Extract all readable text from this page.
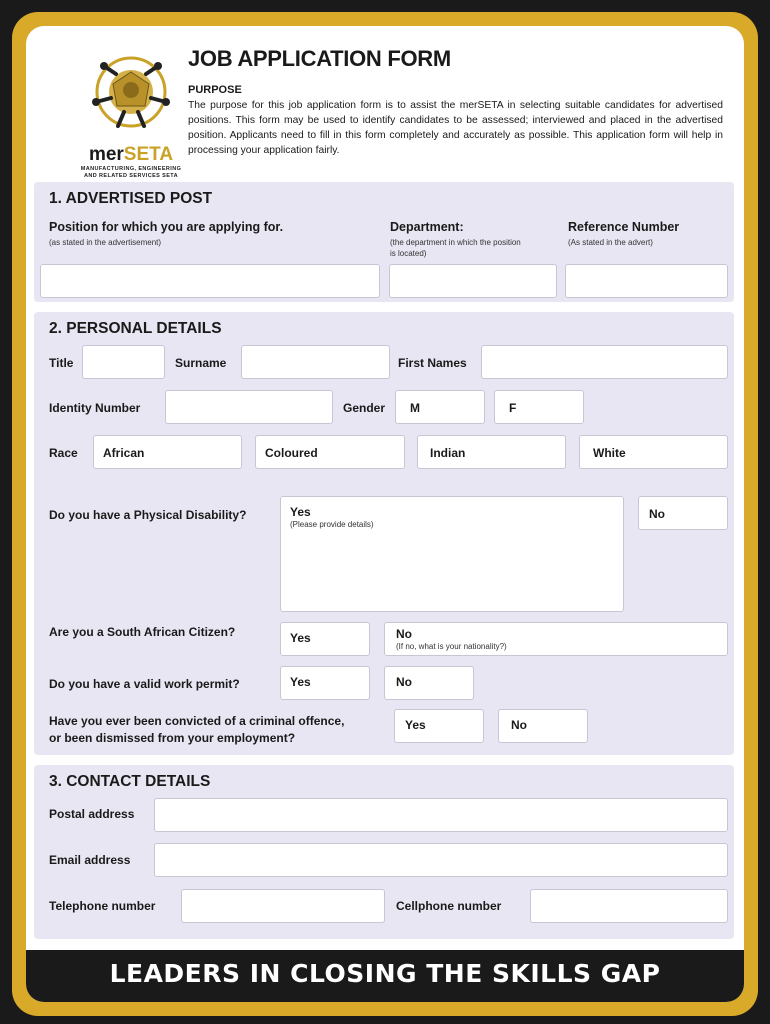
merSETA
MANUFACTURING, ENGINEERING
AND RELATED SERVICES SETA
JOB APPLICATION FORM
PURPOSE
The purpose for this job application form is to assist the merSETA in selecting suitable candidates for advertised positions. This form may be used to identify candidates to be assessed; interviewed and placed in the advertised position. Applicants need to fill in this form completely and accurately as possible. This application form will help in processing your application fairly.
1. ADVERTISED POST
Position for which you are applying for.
(as stated in the advertisement)
Department:
(the department in which the position
is located)
Reference Number
(As stated in the advert)
2. PERSONAL DETAILS
Title	Surname	First Names
Identity Number	Gender M	F
Race African	Coloured	Indian	White
Do you have a Physical Disability?	Yes
(Please provide details)
No
Are you a South African Citizen?	Yes	No
(If no, what is your nationality?)
Do you have a valid work permit?	Yes	No
Have you ever been convicted of a criminal offence,
or been dismissed from your employment?
Yes	No
3. CONTACT DETAILS
Postal address
Email address
Telephone number	Cellphone number
LEADERS IN CLOSING THE SKILLS GAP
